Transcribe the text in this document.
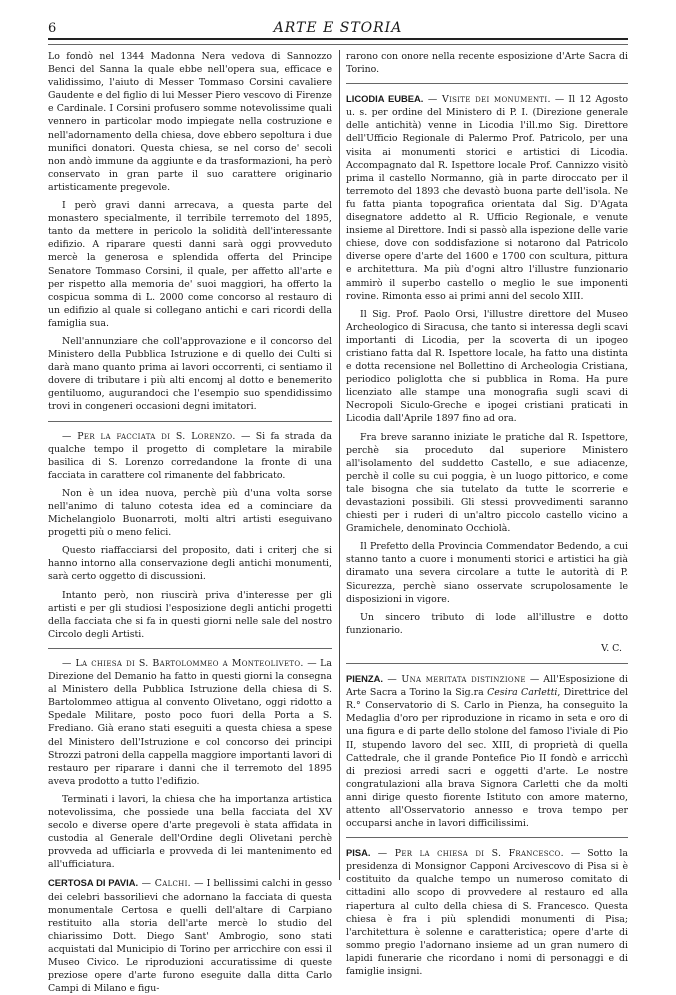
6	ARTE E STORIA

Lo fondò nel 1344 Madonna Nera vedova di Sannozzo Benci del Sanna la quale ebbe nell'opera sua, efficace e validissimo, l'aiuto di Messer Tommaso Corsini cavaliere Gaudente e del figlio di lui Messer Piero vescovo di Firenze e Cardinale. I Corsini profusero somme notevolissime quali vennero in particolar modo impiegate nella costruzione e nell'adornamento della chiesa, dove ebbero sepoltura i due munifici donatori. Questa chiesa, se nel corso de' secoli non andò immune da aggiunte e da trasformazioni, ha però conservato in gran parte il suo carattere originario artisticamente pregevole.

I però gravi danni arrecava, a questa parte del monastero specialmente, il terribile terremoto del 1895, tanto da mettere in pericolo la solidità dell'interessante edifizio. A riparare questi danni sarà oggi provveduto mercè la generosa e splendida offerta del Principe Senatore Tommaso Corsini, il quale, per affetto all'arte e per rispetto alla memoria de' suoi maggiori, ha offerto la cospicua somma di L. 2000 come concorso al restauro di un edifizio al quale si collegano antichi e cari ricordi della famiglia sua.

Nell'annunziare che coll'approvazione e il concorso del Ministero della Pubblica Istruzione e di quello dei Culti si darà mano quanto prima ai lavori occorrenti, ci sentiamo il dovere di tributare i più alti encomj al dotto e benemerito gentiluomo, augurandoci che l'esempio suo spendidissimo trovi in congeneri occasioni degni imitatori.

— Per la facciata di S. Lorenzo. — Si fa strada da qualche tempo il progetto di completare la mirabile basilica di S. Lorenzo corredandone la fronte di una facciata in carattere col rimanente del fabbricato.

Non è un idea nuova, perchè più d'una volta sorse nell'animo di taluno cotesta idea ed a cominciare da Michelangiolo Buonarroti, molti altri artisti eseguivano progetti più o meno felici.

Questo riaffacciarsi del proposito, dati i criterj che si hanno intorno alla conservazione degli antichi monumenti, sarà certo oggetto di discussioni.

Intanto però, non riuscirà priva d'interesse per gli artisti e per gli studiosi l'esposizione degli antichi progetti della facciata che si fa in questi giorni nelle sale del nostro Circolo degli Artisti.

— La chiesa di S. Bartolommeo a Monteoliveto. — La Direzione del Demanio ha fatto in questi giorni la consegna al Ministero della Pubblica Istruzione della chiesa di S. Bartolommeo attigua al convento Olivetano, oggi ridotto a Spedale Militare, posto poco fuori della Porta a S. Frediano. Già erano stati eseguiti a questa chiesa a spese del Ministero dell'Istruzione e col concorso dei principi Strozzi patroni della cappella maggiore importanti lavori di restauro per riparare i danni che il terremoto del 1895 aveva prodotto a tutto l'edifizio.

Terminati i lavori, la chiesa che ha importanza artistica notevolissima, che possiede una bella facciata del XV secolo e diverse opere d'arte pregevoli è stata affidata in custodia al Generale dell'Ordine degli Olivetani perchè provveda ad ufficiarla e provveda di lei mantenimento ed all'ufficiatura.

CERTOSA DI PAVIA. — Calchi. — I bellissimi calchi in gesso dei celebri bassorilievi che adornano la facciata di questa monumentale Certosa e quelli dell'altare di Carpiano restituito alla storia dell'arte mercè lo studio del chiarissimo Dott. Diego Sant' Ambrogio, sono stati acquistati dal Municipio di Torino per arricchire con essi il Museo Civico. Le riproduzioni accuratissime di queste preziose opere d'arte furono eseguite dalla ditta Carlo Campi di Milano e figu-

rarono con onore nella recente esposizione d'Arte Sacra di Torino.

LICODIA EUBEA. — Visite dei monumenti. — Il 12 Agosto u. s. per ordine del Ministero di P. I. (Direzione generale delle antichità) venne in Licodia l'ill.mo Sig. Direttore dell'Ufficio Regionale di Palermo Prof. Patricolo, per una visita ai monumenti storici e artistici di Licodia. Accompagnato dal R. Ispettore locale Prof. Cannizzo visitò prima il castello Normanno, già in parte diroccato per il terremoto del 1893 che devastò buona parte dell'isola. Ne fu fatta pianta topografica orientata dal Sig. D'Agata disegnatore addetto al R. Ufficio Regionale, e venute insieme al Direttore. Indi si passò alla ispezione delle varie chiese, dove con soddisfazione si notarono dal Patricolo diverse opere d'arte del 1600 e 1700 con scultura, pittura e architettura. Ma più d'ogni altro l'illustre funzionario ammirò il superbo castello o meglio le sue imponenti rovine. Rimonta esso ai primi anni del secolo XIII.

Il Sig. Prof. Paolo Orsi, l'illustre direttore del Museo Archeologico di Siracusa, che tanto si interessa degli scavi importanti di Licodia, per la scoverta di un ipogeo cristiano fatta dal R. Ispettore locale, ha fatto una distinta e dotta recensione nel Bollettino di Archeologia Cristiana, periodico poliglotta che si pubblica in Roma. Ha pure licenziato alle stampe una monografia sugli scavi di Necropoli Siculo-Greche e ipogei cristiani praticati in Licodia dall'Aprile 1897 fino ad ora.

Fra breve saranno iniziate le pratiche dal R. Ispettore, perchè sia proceduto dal superiore Ministero all'isolamento del suddetto Castello, e sue adiacenze, perchè il colle su cui poggia, è un luogo pittorico, e come tale bisogna che sia tutelato da tutte le scorrerie e devastazioni possibili. Gli stessi provvedimenti saranno chiesti per i ruderi di un'altro piccolo castello vicino a Gramichele, denominato Occhiolà.

Il Prefetto della Provincia Commendator Bedendo, a cui stanno tanto a cuore i monumenti storici e artistici ha già diramato una severa circolare a tutte le autorità di P. Sicurezza, perchè siano osservate scrupolosamente le disposizioni in vigore.

Un sincero tributo di lode all'illustre e dotto funzionario.

V. C.

PIENZA. — Una meritata distinzione — All'Esposizione di Arte Sacra a Torino la Sig.ra Cesira Carletti, Direttrice del R.° Conservatorio di S. Carlo in Pienza, ha conseguito la Medaglia d'oro per riproduzione in ricamo in seta e oro di una figura e di parte dello stolone del famoso l'iviale di Pio II, stupendo lavoro del sec. XIII, di proprietà di quella Cattedrale, che il grande Pontefice Pio II fondò e arricchì di preziosi arredi sacri e oggetti d'arte. Le nostre congratulazioni alla brava Signora Carletti che da molti anni dirige questo fiorente Istituto con amore materno, attento all'Osservatorio annesso e trova tempo per occuparsi anche in lavori difficilissimi.

PISA. — Per la chiesa di S. Francesco. — Sotto la presidenza di Monsignor Capponi Arcivescovo di Pisa si è costituito da qualche tempo un numeroso comitato di cittadini allo scopo di provvedere al restauro ed alla riapertura al culto della chiesa di S. Francesco. Questa chiesa è fra i più splendidi monumenti di Pisa; l'architettura è solenne e caratteristica; opere d'arte di sommo pregio l'adornano insieme ad un gran numero di lapidi funerarie che ricordano i nomi di personaggi e di famiglie insigni.
